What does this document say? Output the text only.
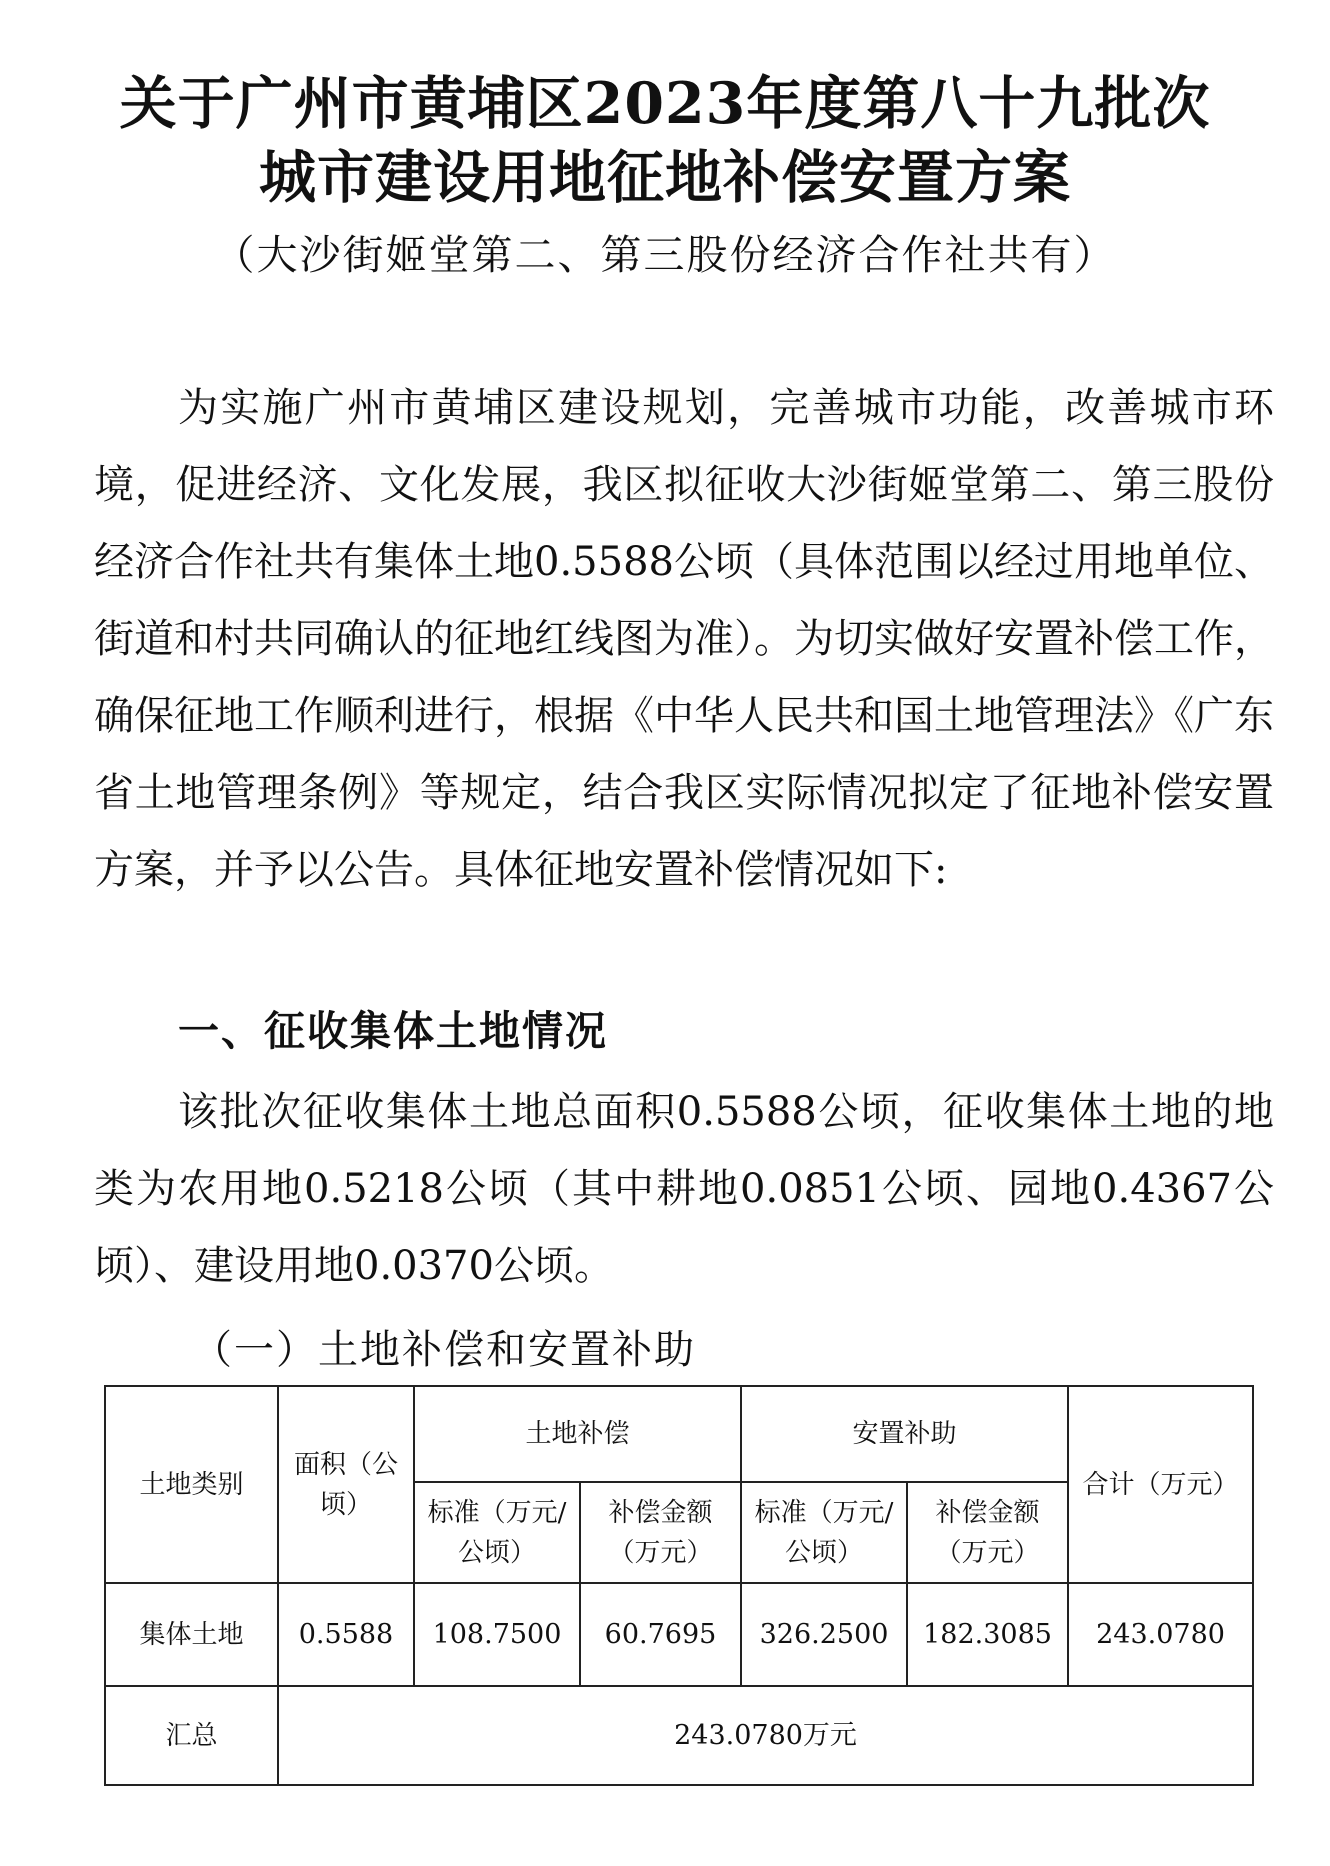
关于广州市黄埔区2023年度第八十九批次
城市建设用地征地补偿安置方案
（大沙街姬堂第二、第三股份经济合作社共有）

为实施广州市黄埔区建设规划，完善城市功能，改善城市环境，促进经济、文化发展，我区拟征收大沙街姬堂第二、第三股份经济合作社共有集体土地0.5588公顷（具体范围以经过用地单位、街道和村共同确认的征地红线图为准）。为切实做好安置补偿工作，确保征地工作顺利进行，根据《中华人民共和国土地管理法》《广东省土地管理条例》等规定，结合我区实际情况拟定了征地补偿安置方案，并予以公告。具体征地安置补偿情况如下:

一、征收集体土地情况

该批次征收集体土地总面积0.5588公顷，征收集体土地的地类为农用地0.5218公顷（其中耕地0.0851公顷、园地0.4367公顷）、建设用地0.0370公顷。

（一）土地补偿和安置补助
土地类别	面积（公顷）	土地补偿		安置补助		合计（万元）
		标准（万元/公顷）	补偿金额（万元）	标准（万元/公顷）	补偿金额（万元）	
集体土地	0.5588	108.7500	60.7695	326.2500	182.3085	243.0780
汇总	243.0780万元					
